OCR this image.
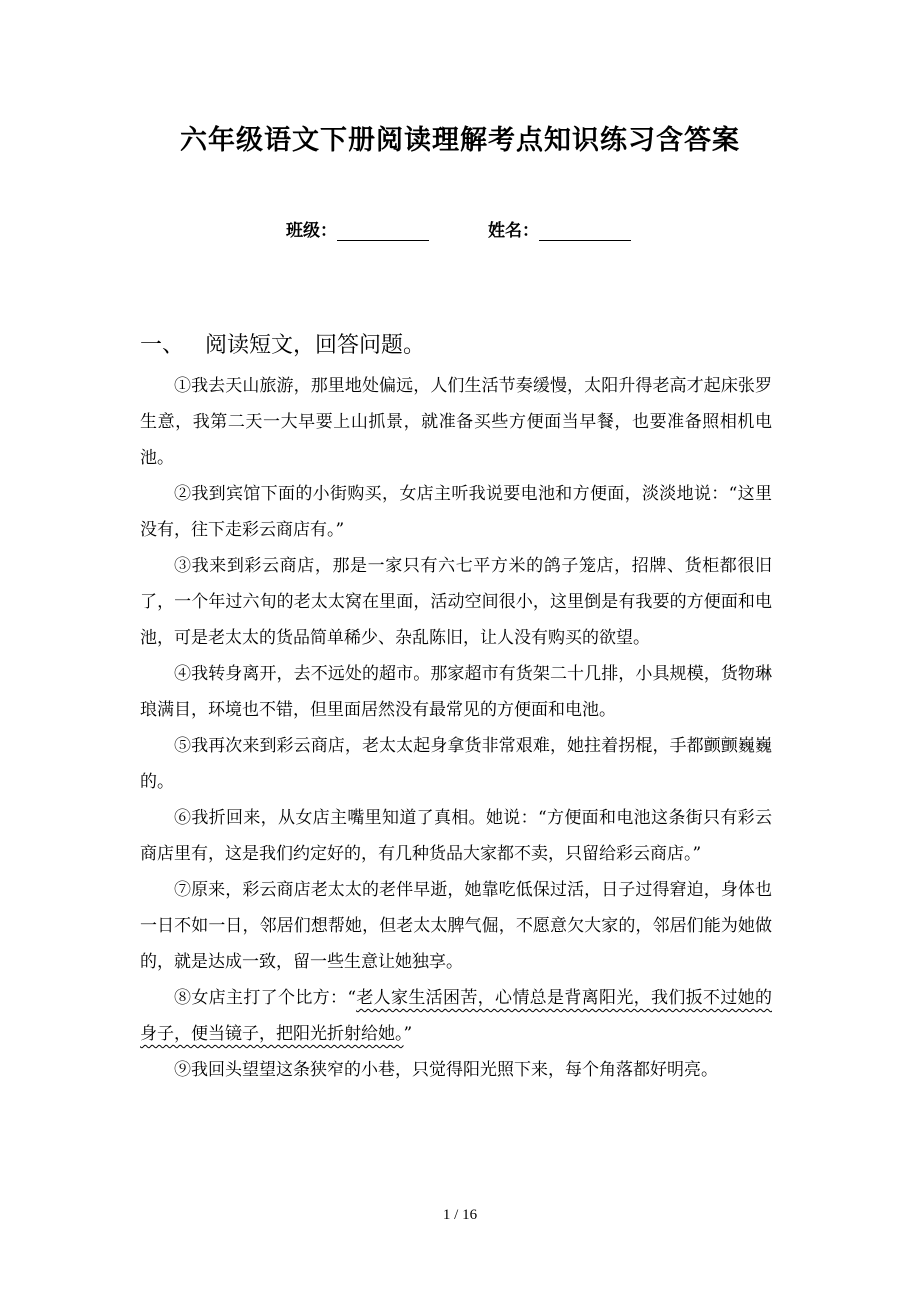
六年级语文下册阅读理解考点知识练习含答案
班级：	姓名：
一、 阅读短文，回答问题。

①我去天山旅游，那里地处偏远，人们生活节奏缓慢，太阳升得老高才起床张罗生意，我第二天一大早要上山抓景，就准备买些方便面当早餐，也要准备照相机电池。

②我到宾馆下面的小街购买，女店主听我说要电池和方便面，淡淡地说：“这里没有，往下走彩云商店有。”

③我来到彩云商店，那是一家只有六七平方米的鸽子笼店，招牌、货柜都很旧了，一个年过六旬的老太太窝在里面，活动空间很小，这里倒是有我要的方便面和电池，可是老太太的货品简单稀少、杂乱陈旧，让人没有购买的欲望。

④我转身离开，去不远处的超市。那家超市有货架二十几排，小具规模，货物琳琅满目，环境也不错，但里面居然没有最常见的方便面和电池。

⑤我再次来到彩云商店，老太太起身拿货非常艰难，她拄着拐棍，手都颤颤巍巍的。

⑥我折回来，从女店主嘴里知道了真相。她说：“方便面和电池这条街只有彩云商店里有，这是我们约定好的，有几种货品大家都不卖，只留给彩云商店。”

⑦原来，彩云商店老太太的老伴早逝，她靠吃低保过活，日子过得窘迫，身体也一日不如一日，邻居们想帮她，但老太太脾气倔，不愿意欠大家的，邻居们能为她做的，就是达成一致，留一些生意让她独享。

⑧女店主打了个比方：“老人家生活困苦，心情总是背离阳光，我们扳不过她的身子，便当镜子，把阳光折射给她。”

⑨我回头望望这条狭窄的小巷，只觉得阳光照下来，每个角落都好明亮。

1 / 16
